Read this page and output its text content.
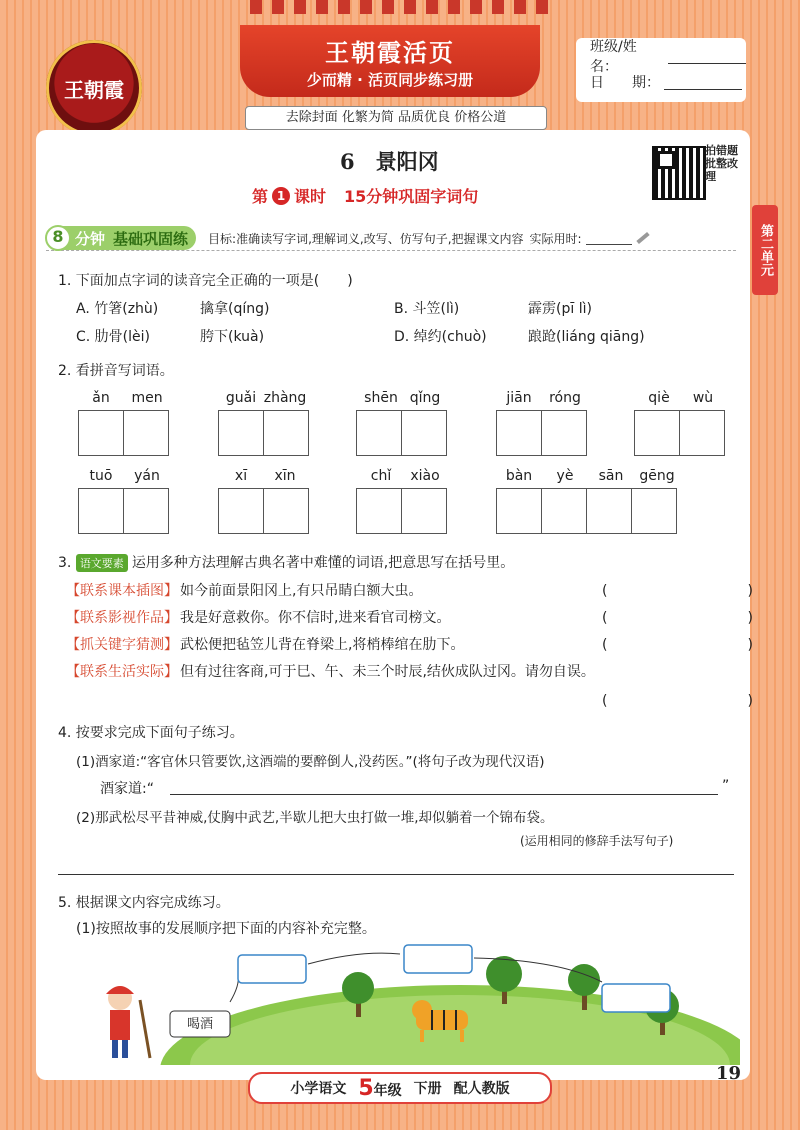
王朝霞
王朝霞活页
少而精 · 活页同步练习册
班级/姓名：
日　　期：
去除封面 化繁为简 品质优良 价格公道
6　 景阳冈
第 1 课时 15分钟巩固字词句
拍错题批整改理
第二单元
8 分钟 基础巩固练 目标:准确读写字词,理解词义,改写、仿写句子,把握课文内容 实际用时:
1. 下面加点字词的读音完全正确的一项是(　　)
A. 竹箸(zhù)	擒拿(qíng)	B. 斗笠(lì)	霹雳(pī lì)
C. 肋骨(lèi)	胯下(kuà)	D. 绰约(chuò)	踉跄(liáng qiāng)
2. 看拼音写词语。
ǎn	men	guǎi zhàng	shēn qǐng	jiān	róng	qiè	wù
tuō	yán	xī	xīn	chǐ	xiào	bàn	yè	sān	gēng
3. 语文要素 运用多种方法理解古典名著中难懂的词语,把意思写在括号里。
【联系课本插图】 如今前面景阳冈上,有只吊睛白额大虫。	(　　　　　　　　　　)
【联系影视作品】 我是好意救你。你不信时,进来看官司榜文。	(　　　　　　　　　　)
【抓关键字猜测】 武松便把毡笠儿背在脊梁上,将梢棒绾在肋下。	(　　　　　　　　　　)
【联系生活实际】 但有过往客商,可于巳、午、未三个时辰,结伙成队过冈。请勿自误。
(　　　　　　　　　　)
4. 按要求完成下面句子练习。
(1)酒家道:“客官休只管要饮,这酒端的要醉倒人,没药医。”(将句子改为现代汉语)
酒家道:“	”
(2)那武松尽平昔神威,仗胸中武艺,半歇儿把大虫打做一堆,却似躺着一个锦布袋。
(运用相同的修辞手法写句子)
5. 根据课文内容完成练习。
(1)按照故事的发展顺序把下面的内容补充完整。
喝酒
小学语文 5年级 下册 配人教版
19
